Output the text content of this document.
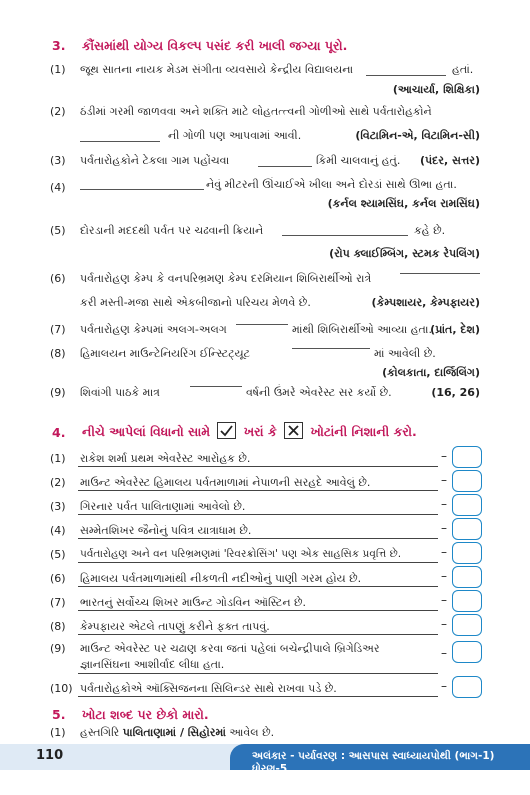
3. કૌંસમાંથી યોગ્ય વિકલ્પ પસંદ કરી ખાલી જગ્યા પૂરો.
(1) જૂથ સાતના નાયક મેડમ સંગીતા વ્યવસાયે કેન્દ્રીય વિદ્યાલયના	હતાં.
(આચાર્યા, શિક્ષિકા)
(2) ઠંડીમાં ગરમી જાળવવા અને શક્તિ માટે લોહતત્ત્વની ગોળીઓ સાથે પર્વતારોહકોને
ની ગોળી પણ આપવામાં આવી.	(વિટામિન-એ, વિટામિન-સી)
(3) પર્વતારોહકોને ટેકલા ગામ પહોંચવા	કિમી ચાલવાનું હતું. (પંદર, સત્તર)
(4)	નેવું મીટરની ઊંચાઈએ ખીલા અને દોરડાં સાથે ઊભા હતા.
(કર્નલ શ્યામસિંઘ, કર્નલ રામસિંઘ)
(5) દોરડાની મદદથી પર્વત પર ચઢવાની ક્રિયાને	કહે છે.
(રોપ ક્લાઈમ્બિંગ, સ્ટમક રેપલિંગ)
(6) પર્વતારોહણ કેમ્પ કે વનપરિભ્રમણ કેમ્પ દરમિયાન શિબિરાર્થીઓ રાત્રે
કરી મસ્તી-મજા સાથે એકબીજાનો પરિચય મેળવે છે.	(કેમ્પશાયર, કેમ્પફાયર)
(7) પર્વતારોહણ કેમ્પમાં અલગ-અલગ	માંથી શિબિરાર્થીઓ આવ્યા હતા.
(પ્રાંત, દેશ)
(8) હિમાલયન માઉન્ટેનિયરિંગ ઈન્સ્ટિટ્યૂટ	માં આવેલી છે.
(કોલકાતા, દાર્જિલિંગ)
(9) શિવાંગી પાઠકે માત્ર	વર્ષની ઉંમરે એવરેસ્ટ સર કર્યો છે.	(16, 26)
4. નીચે આપેલાં વિધાનો સામે	ખરાં કે	ખોટાંની નિશાની કરો.
(1) રાકેશ શર્મા પ્રથમ એવરેસ્ટ આરોહક છે.	–
(2) માઉન્ટ એવરેસ્ટ હિમાલય પર્વતમાળામાં નેપાળની સરહદે આવેલું છે.	–
(3) ગિરનાર પર્વત પાલિતાણામાં આવેલો છે.	–
(4) સમ્મેતશિખર જૈનોનું પવિત્ર યાત્રાધામ છે.	–
(5) પર્વતારોહણ અને વન પરિભ્રમણમાં 'રિવરક્રોસિંગ' પણ એક સાહસિક પ્રવૃત્તિ છે.	–
(6) હિમાલય પર્વતમાળામાંથી નીકળતી નદીઓનું પાણી ગરમ હોય છે.	–
(7) ભારતનું સર્વોચ્ચ શિખર માઉન્ટ ગોડવિન ઑસ્ટિન છે.	–
(8) કેમ્પફાયર એટલે તાપણું કરીને ફક્ત તાપવું.	–
(9) માઉન્ટ એવરેસ્ટ પર ચઢાણ કરવા જતાં પહેલાં બચેન્દ્રીપાલે બ્રિગેડિઅર
જ્ઞાનસિંઘના આશીર્વાદ લીધા હતા.
–
(10) પર્વતારોહકોએ ઑક્સિજનના સિલિન્ડર સાથે રાખવા પડે છે.	–
5. ખોટા શબ્દ પર છેકો મારો.
(1) હસ્તગિરિ પાલિતાણામાં / સિહોરમાં આવેલ છે.
110	અલંકાર - પર્યાવરણ : આસપાસ સ્વાધ્યાયપોથી (ભાગ-1) ધોરણ-5
